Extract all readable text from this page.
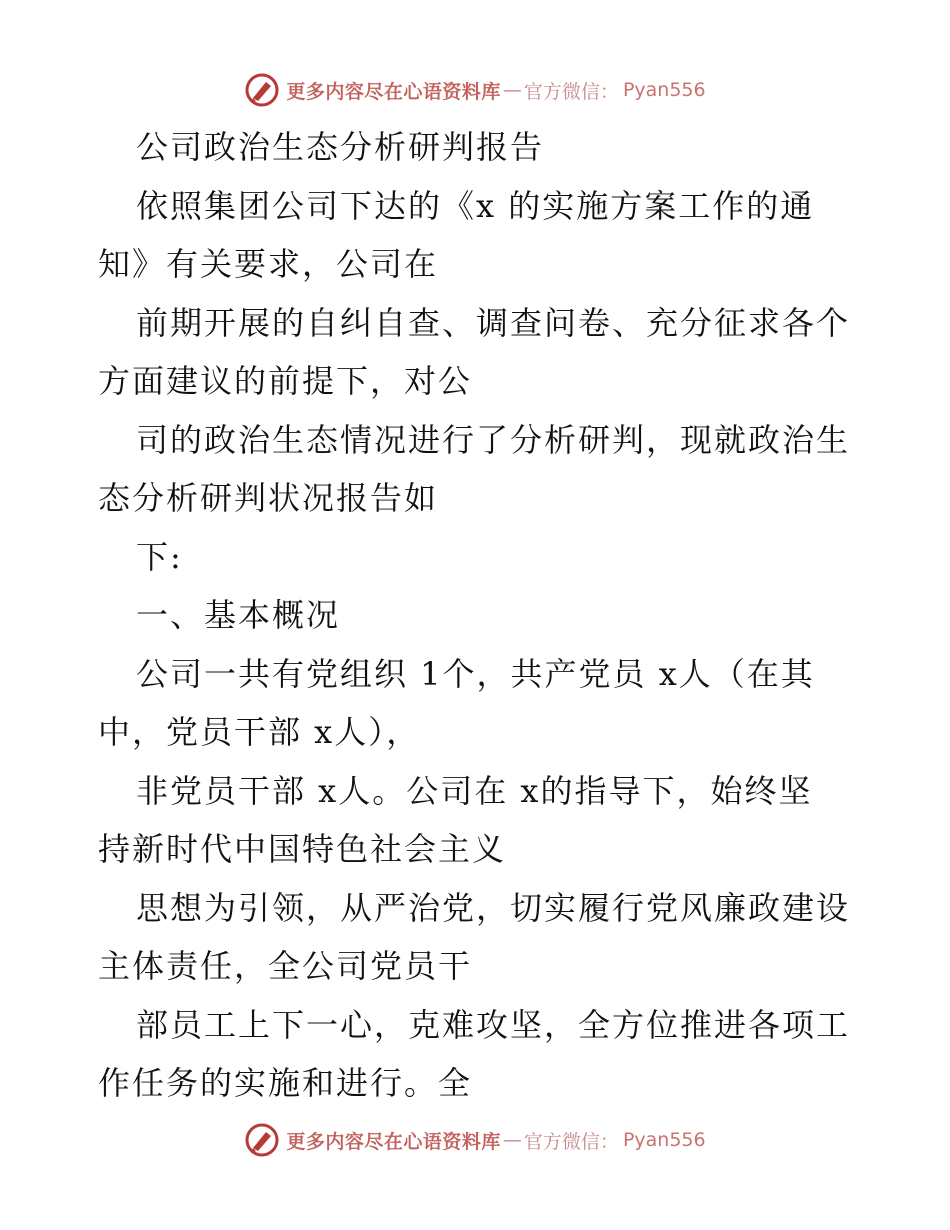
更多内容尽在心语资料库 — 官方微信： Pyan556
公司政治生态分析研判报告
依照集团公司下达的《x 的实施方案工作的通
知》有关要求，公司在
前期开展的自纠自查、调查问卷、充分征求各个
方面建议的前提下，对公
司的政治生态情况进行了分析研判，现就政治生
态分析研判状况报告如
下:
一、基本概况
公司一共有党组织 1个，共产党员 x人（在其
中，党员干部 x人），
非党员干部 x人。公司在 x的指导下，始终坚
持新时代中国特色社会主义
思想为引领，从严治党，切实履行党风廉政建设
主体责任，全公司党员干
部员工上下一心，克难攻坚，全方位推进各项工
作任务的实施和进行。全
更多内容尽在心语资料库 — 官方微信： Pyan556
